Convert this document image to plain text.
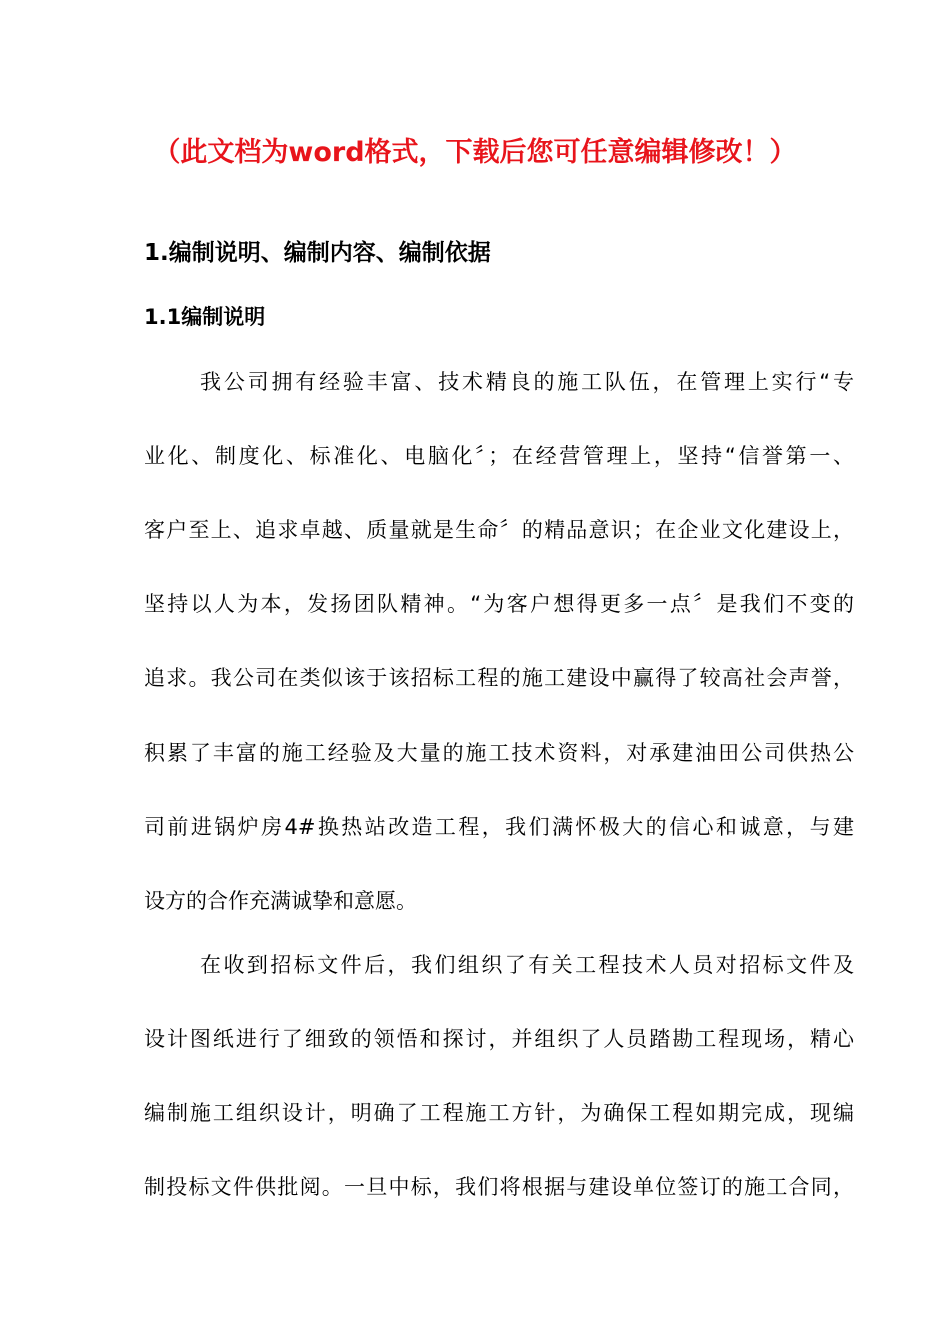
（此文档为word格式，下载后您可任意编辑修改！）
1.编制说明、编制内容、编制依据
1.1编制说明
我公司拥有经验丰富、技术精良的施工队伍，在管理上实行“专
业化、制度化、标准化、电脑化〞；在经营管理上，坚持“信誉第一、
客户至上、追求卓越、质量就是生命〞的精品意识；在企业文化建设上，
坚持以人为本，发扬团队精神。“为客户想得更多一点〞是我们不变的
追求。我公司在类似该于该招标工程的施工建设中赢得了较高社会声誉，
积累了丰富的施工经验及大量的施工技术资料，对承建油田公司供热公
司前进锅炉房4#换热站改造工程，我们满怀极大的信心和诚意，与建
设方的合作充满诚挚和意愿。
在收到招标文件后，我们组织了有关工程技术人员对招标文件及
设计图纸进行了细致的领悟和探讨，并组织了人员踏勘工程现场，精心
编制施工组织设计，明确了工程施工方针，为确保工程如期完成，现编
制投标文件供批阅。一旦中标，我们将根据与建设单位签订的施工合同，
